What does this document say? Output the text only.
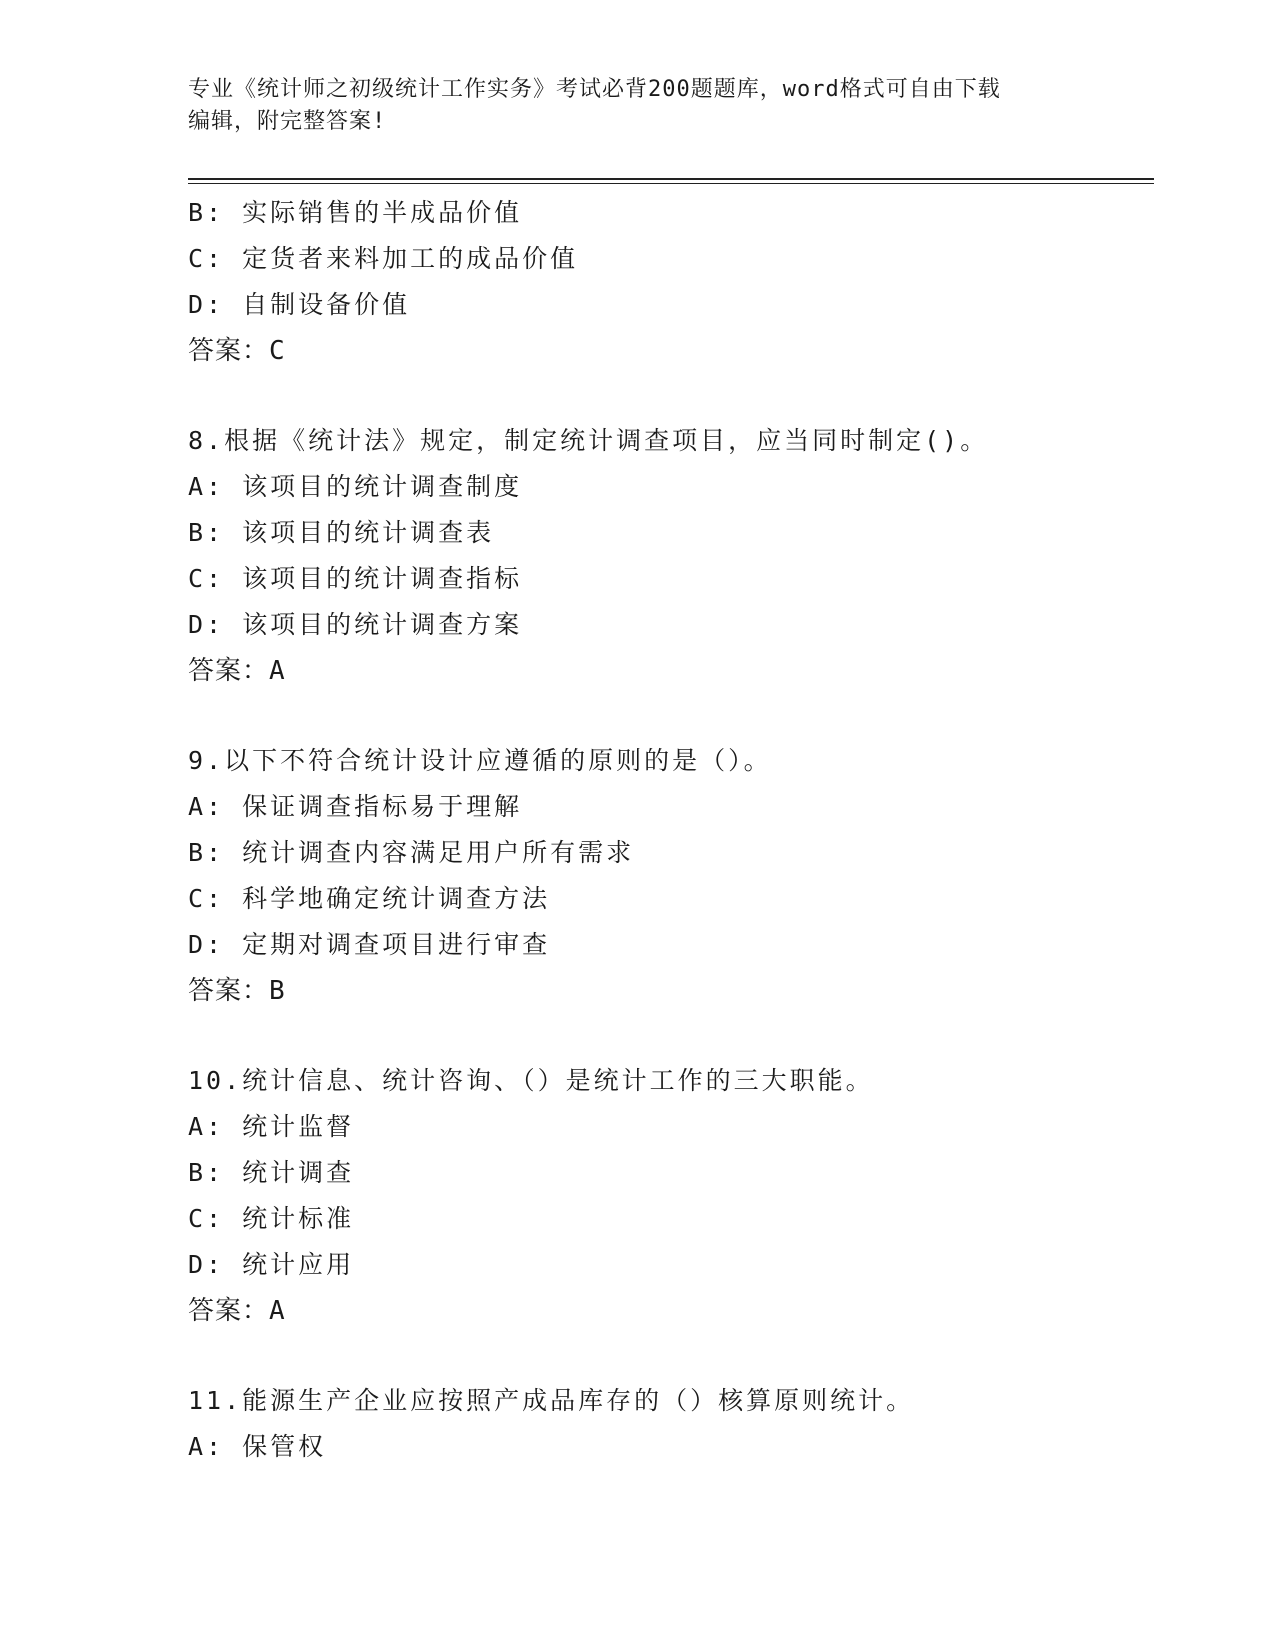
专业《统计师之初级统计工作实务》考试必背200题题库，word格式可自由下载
编辑，附完整答案!
B: 实际销售的半成品价值
C: 定货者来料加工的成品价值
D: 自制设备价值
答案：C
8.根据《统计法》规定，制定统计调查项目，应当同时制定()。
A: 该项目的统计调查制度
B: 该项目的统计调查表
C: 该项目的统计调查指标
D: 该项目的统计调查方案
答案：A
9.以下不符合统计设计应遵循的原则的是（）。
A: 保证调查指标易于理解
B: 统计调查内容满足用户所有需求
C: 科学地确定统计调查方法
D: 定期对调查项目进行审查
答案：B
10.统计信息、统计咨询、（）是统计工作的三大职能。
A: 统计监督
B: 统计调查
C: 统计标准
D: 统计应用
答案：A
11.能源生产企业应按照产成品库存的（）核算原则统计。
A: 保管权
